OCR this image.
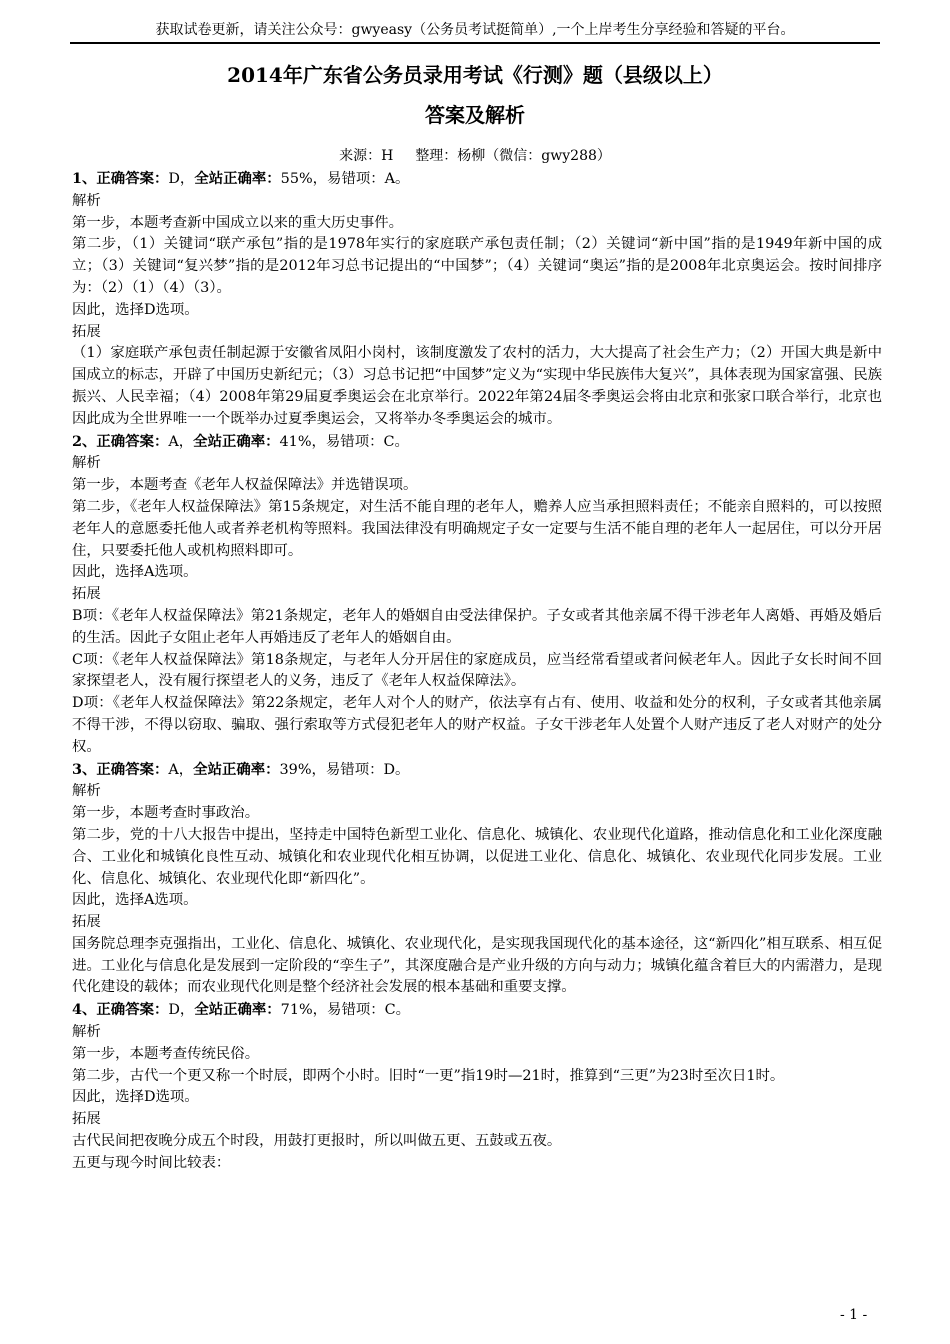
获取试卷更新，请关注公众号：gwyeasy（公务员考试挺简单）,一个上岸考生分享经验和答疑的平台。
2014年广东省公务员录用考试《行测》题（县级以上）
答案及解析
来源：H 整理：杨柳（微信：gwy288）

1、正确答案：D，全站正确率：55%，易错项：A。

解析

第一步，本题考查新中国成立以来的重大历史事件。

第二步，（1）关键词“联产承包”指的是1978年实行的家庭联产承包责任制；（2）关键词“新中国”指的是1949年新中国的成立；（3）关键词“复兴梦”指的是2012年习总书记提出的“中国梦”；（4）关键词“奥运”指的是2008年北京奥运会。按时间排序为：（2）（1）（4）（3）。

因此，选择D选项。

拓展

（1）家庭联产承包责任制起源于安徽省凤阳小岗村，该制度激发了农村的活力，大大提高了社会生产力；（2）开国大典是新中国成立的标志，开辟了中国历史新纪元；（3）习总书记把“中国梦”定义为“实现中华民族伟大复兴”，具体表现为国家富强、民族振兴、人民幸福；（4）2008年第29届夏季奥运会在北京举行。2022年第24届冬季奥运会将由北京和张家口联合举行，北京也因此成为全世界唯一一个既举办过夏季奥运会，又将举办冬季奥运会的城市。

2、正确答案：A，全站正确率：41%，易错项：C。

解析

第一步，本题考查《老年人权益保障法》并选错误项。

第二步，《老年人权益保障法》第15条规定，对生活不能自理的老年人，赡养人应当承担照料责任；不能亲自照料的，可以按照老年人的意愿委托他人或者养老机构等照料。我国法律没有明确规定子女一定要与生活不能自理的老年人一起居住，可以分开居住，只要委托他人或机构照料即可。

因此，选择A选项。

拓展

B项：《老年人权益保障法》第21条规定，老年人的婚姻自由受法律保护。子女或者其他亲属不得干涉老年人离婚、再婚及婚后的生活。因此子女阻止老年人再婚违反了老年人的婚姻自由。

C项：《老年人权益保障法》第18条规定，与老年人分开居住的家庭成员，应当经常看望或者问候老年人。因此子女长时间不回家探望老人，没有履行探望老人的义务，违反了《老年人权益保障法》。

D项：《老年人权益保障法》第22条规定，老年人对个人的财产，依法享有占有、使用、收益和处分的权利，子女或者其他亲属不得干涉，不得以窃取、骗取、强行索取等方式侵犯老年人的财产权益。子女干涉老年人处置个人财产违反了老人对财产的处分权。

3、正确答案：A，全站正确率：39%，易错项：D。

解析

第一步，本题考查时事政治。

第二步，党的十八大报告中提出，坚持走中国特色新型工业化、信息化、城镇化、农业现代化道路，推动信息化和工业化深度融合、工业化和城镇化良性互动、城镇化和农业现代化相互协调，以促进工业化、信息化、城镇化、农业现代化同步发展。工业化、信息化、城镇化、农业现代化即“新四化”。

因此，选择A选项。

拓展

国务院总理李克强指出，工业化、信息化、城镇化、农业现代化，是实现我国现代化的基本途径，这“新四化”相互联系、相互促进。工业化与信息化是发展到一定阶段的“孪生子”，其深度融合是产业升级的方向与动力；城镇化蕴含着巨大的内需潜力，是现代化建设的载体；而农业现代化则是整个经济社会发展的根本基础和重要支撑。

4、正确答案：D，全站正确率：71%，易错项：C。

解析

第一步，本题考查传统民俗。

第二步，古代一个更又称一个时辰，即两个小时。旧时“一更”指19时—21时，推算到“三更”为23时至次日1时。

因此，选择D选项。

拓展

古代民间把夜晚分成五个时段，用鼓打更报时，所以叫做五更、五鼓或五夜。

五更与现今时间比较表：

- 1 -
